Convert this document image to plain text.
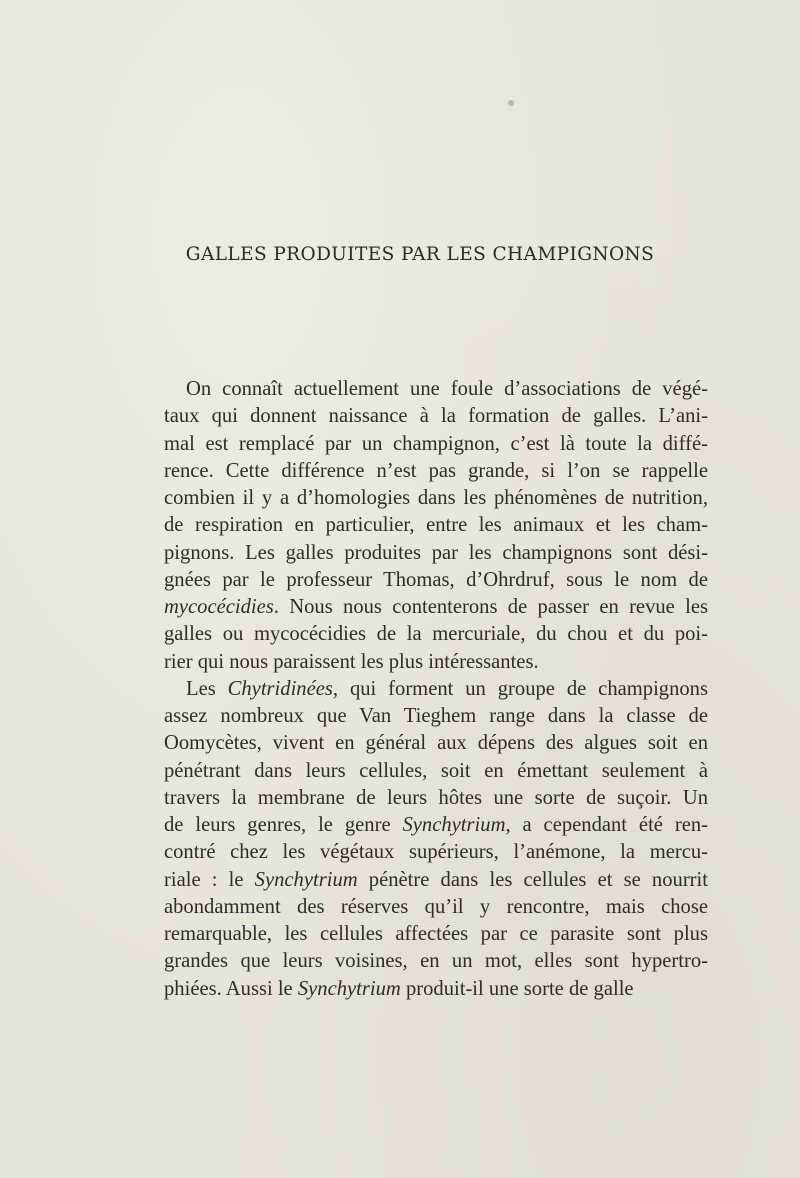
GALLES PRODUITES PAR LES CHAMPIGNONS
On connaît actuellement une foule d’associations de végé-
taux qui donnent naissance à la formation de galles. L’ani-
mal est remplacé par un champignon, c’est là toute la diffé-
rence. Cette différence n’est pas grande, si l’on se rappelle
combien il y a d’homologies dans les phénomènes de nutrition,
de respiration en particulier, entre les animaux et les cham-
pignons. Les galles produites par les champignons sont dési-
gnées par le professeur Thomas, d’Ohrdruf, sous le nom de
mycocécidies. Nous nous contenterons de passer en revue les
galles ou mycocécidies de la mercuriale, du chou et du poi-
rier qui nous paraissent les plus intéressantes.
Les Chytridinées, qui forment un groupe de champignons
assez nombreux que Van Tieghem range dans la classe de
Oomycètes, vivent en général aux dépens des algues soit en
pénétrant dans leurs cellules, soit en émettant seulement à
travers la membrane de leurs hôtes une sorte de suçoir. Un
de leurs genres, le genre Synchytrium, a cependant été ren-
contré chez les végétaux supérieurs, l’anémone, la mercu-
riale : le Synchytrium pénètre dans les cellules et se nourrit
abondamment des réserves qu’il y rencontre, mais chose
remarquable, les cellules affectées par ce parasite sont plus
grandes que leurs voisines, en un mot, elles sont hypertro-
phiées. Aussi le Synchytrium produit-il une sorte de galle
